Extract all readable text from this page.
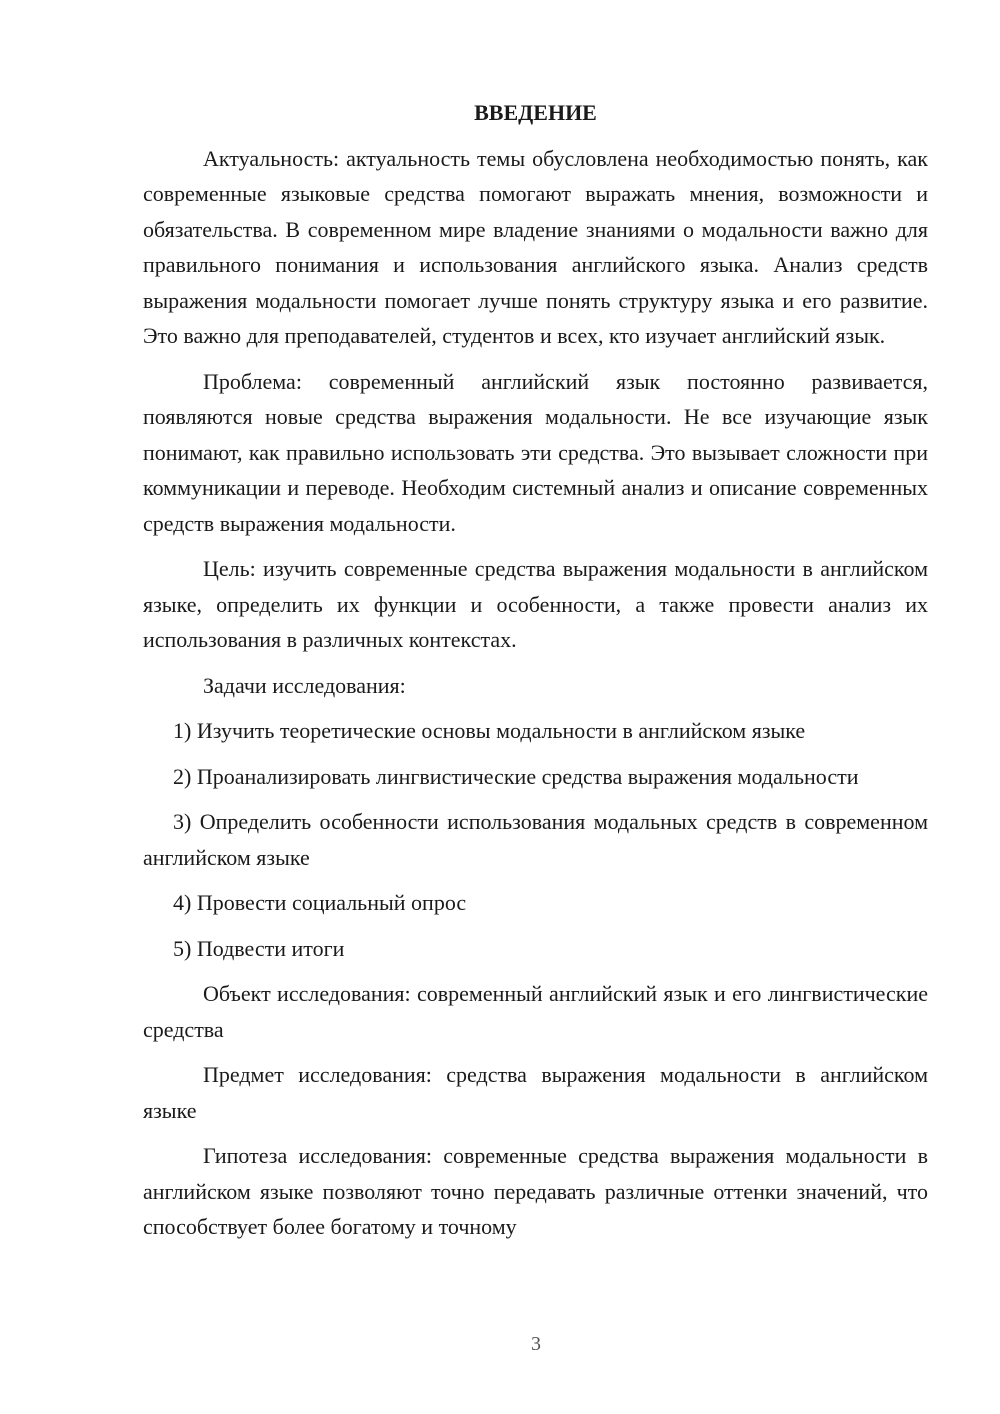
ВВЕДЕНИЕ

Актуальность: актуальность темы обусловлена необходимостью понять, как современные языковые средства помогают выражать мнения, возможности и обязательства. В современном мире владение знаниями о модальности важно для правильного понимания и использования английского языка. Анализ средств выражения модальности помогает лучше понять структуру языка и его развитие. Это важно для преподавателей, студентов и всех, кто изучает английский язык.

Проблема: современный английский язык постоянно развивается, появляются новые средства выражения модальности. Не все изучающие язык понимают, как правильно использовать эти средства. Это вызывает сложности при коммуникации и переводе. Необходим системный анализ и описание современных средств выражения модальности.

Цель: изучить современные средства выражения модальности в английском языке, определить их функции и особенности, а также провести анализ их использования в различных контекстах.

Задачи исследования:

1) Изучить теоретические основы модальности в английском языке

2) Проанализировать лингвистические средства выражения модальности

3) Определить особенности использования модальных средств в современном английском языке

4) Провести социальный опрос

5) Подвести итоги

Объект исследования: современный английский язык и его лингвистические средства

Предмет исследования: средства выражения модальности в английском языке

Гипотеза исследования: современные средства выражения модальности в английском языке позволяют точно передавать различные оттенки значений, что способствует более богатому и точному

3
